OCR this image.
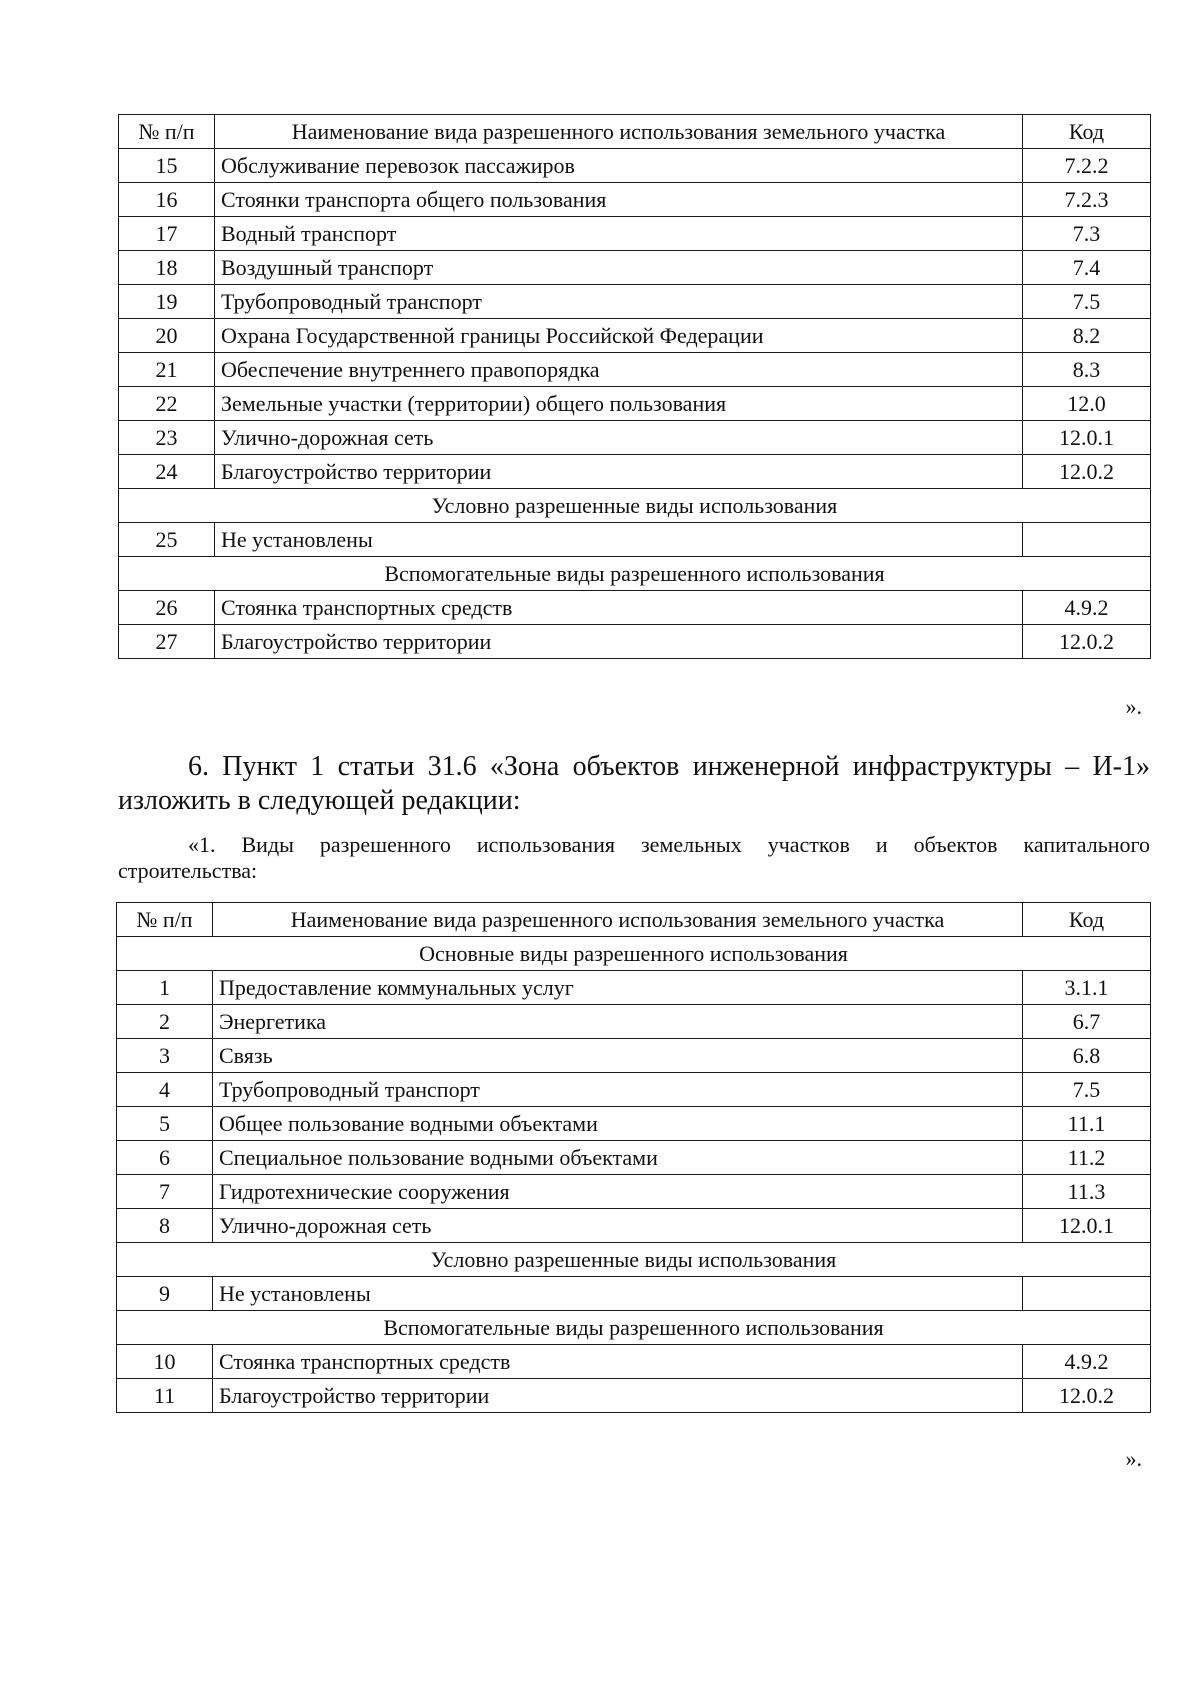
№ п/п	Наименование вида разрешенного использования земельного участка	Код
15	Обслуживание перевозок пассажиров	7.2.2
16	Стоянки транспорта общего пользования	7.2.3
17	Водный транспорт	7.3
18	Воздушный транспорт	7.4
19	Трубопроводный транспорт	7.5
20	Охрана Государственной границы Российской Федерации	8.2
21	Обеспечение внутреннего правопорядка	8.3
22	Земельные участки (территории) общего пользования	12.0
23	Улично-дорожная сеть	12.0.1
24	Благоустройство территории	12.0.2
Условно разрешенные виды использования		
25	Не установлены	
Вспомогательные виды разрешенного использования		
26	Стоянка транспортных средств	4.9.2
27	Благоустройство территории	12.0.2
».
6. Пункт 1 статьи 31.6 «Зона объектов инженерной инфраструктуры – И-1»
изложить в следующей редакции:
«1. Виды разрешенного использования земельных участков и объектов капитального
строительства:
№ п/п	Наименование вида разрешенного использования земельного участка	Код
Основные виды разрешенного использования		
1	Предоставление коммунальных услуг	3.1.1
2	Энергетика	6.7
3	Связь	6.8
4	Трубопроводный транспорт	7.5
5	Общее пользование водными объектами	11.1
6	Специальное пользование водными объектами	11.2
7	Гидротехнические сооружения	11.3
8	Улично-дорожная сеть	12.0.1
Условно разрешенные виды использования		
9	Не установлены	
Вспомогательные виды разрешенного использования		
10	Стоянка транспортных средств	4.9.2
11	Благоустройство территории	12.0.2
».
